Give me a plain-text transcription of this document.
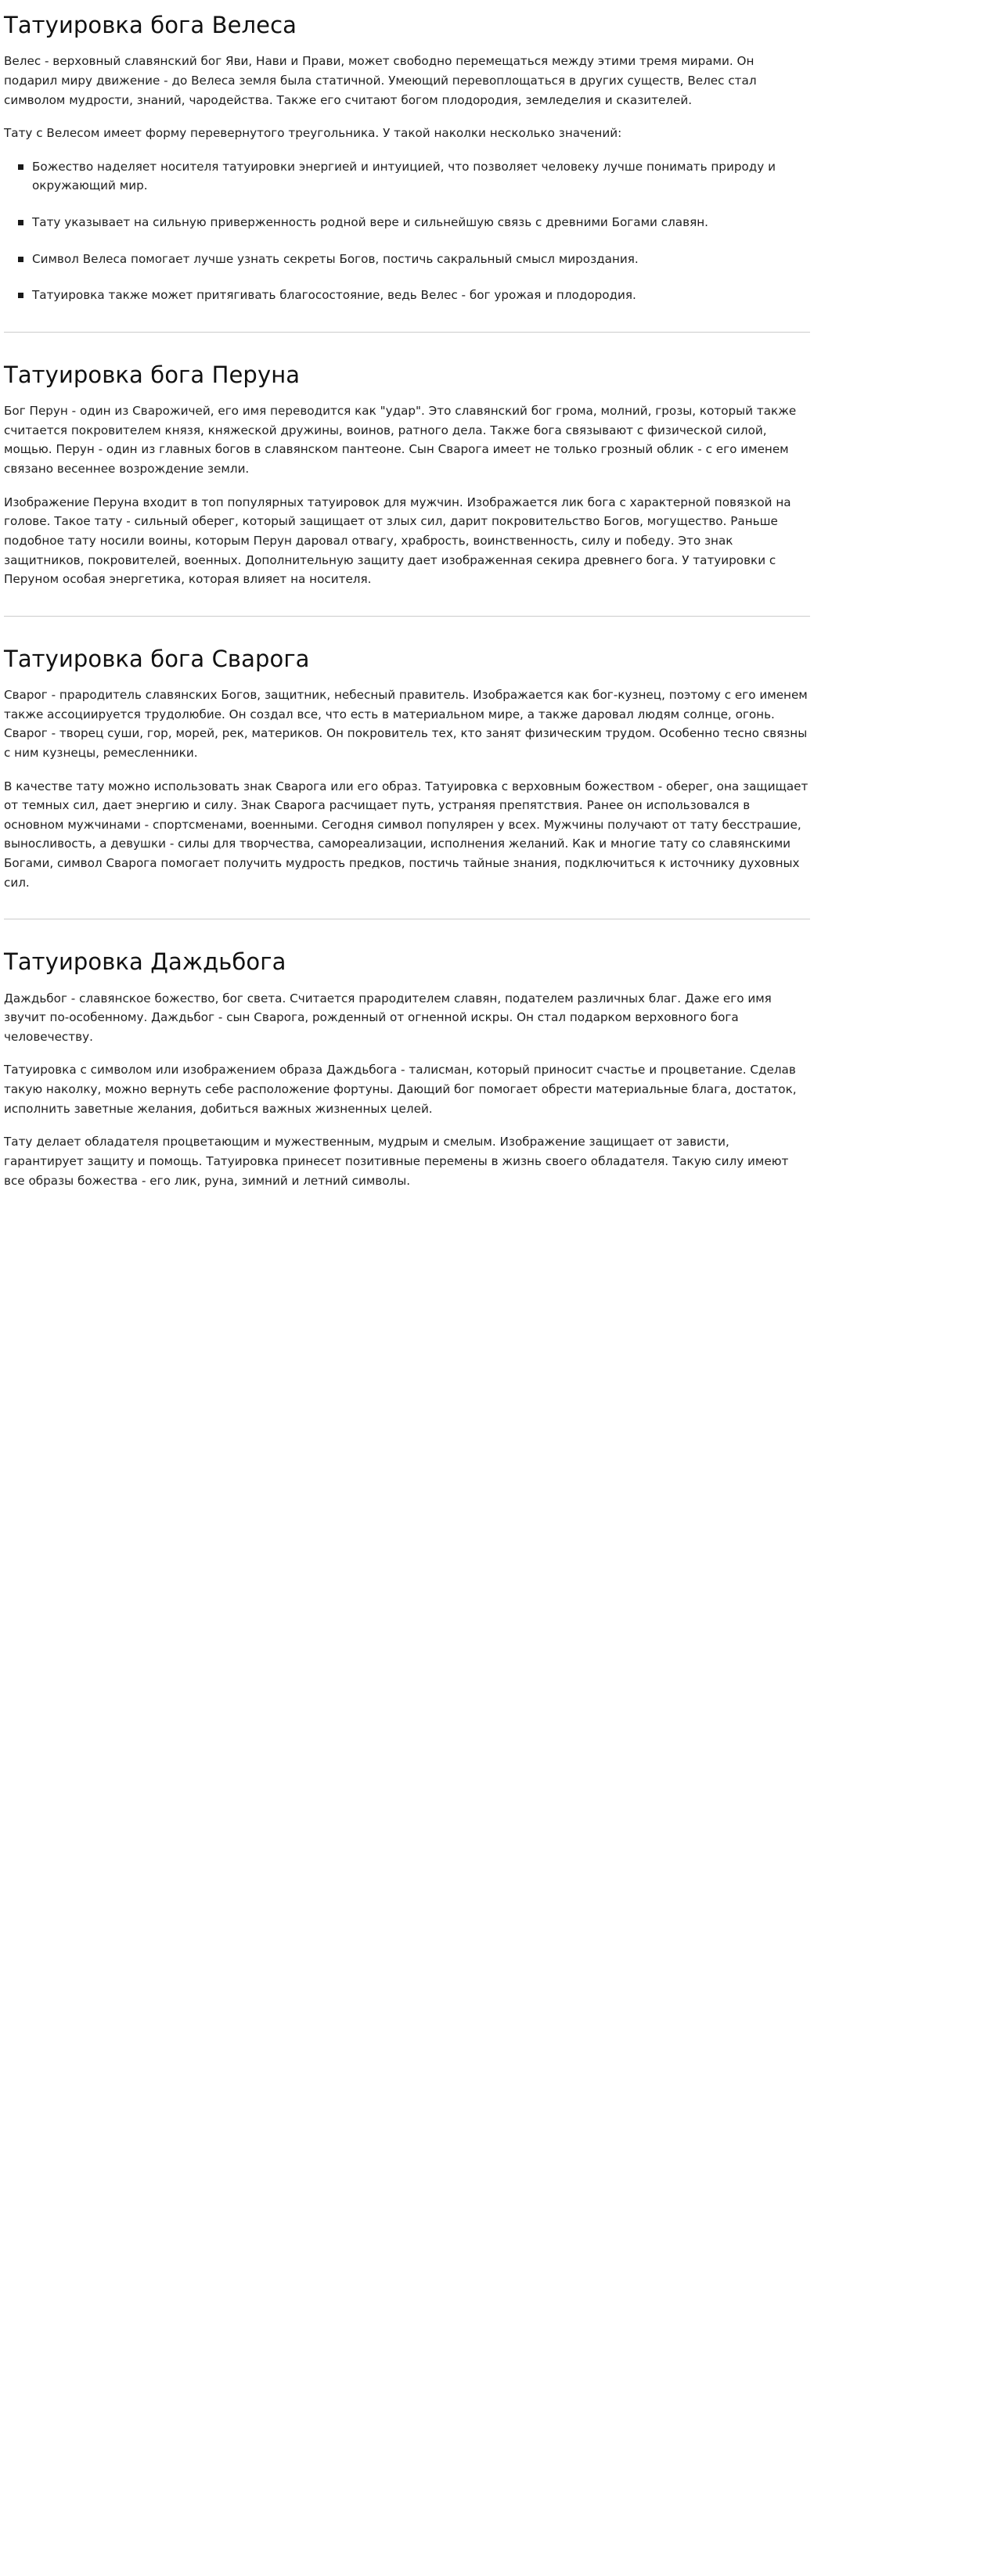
Татуировка бога Велеса

Велес - верховный славянский бог Яви, Нави и Прави, может свободно перемещаться между этими тремя мирами. Он подарил миру движение - до Велеса земля была статичной. Умеющий перевоплощаться в других существ, Велес стал символом мудрости, знаний, чародейства. Также его считают богом плодородия, земледелия и сказителей.

Тату с Велесом имеет форму перевернутого треугольника. У такой наколки несколько значений:

Божество наделяет носителя татуировки энергией и интуицией, что позволяет человеку лучше понимать природу и окружающий мир.
Тату указывает на сильную приверженность родной вере и сильнейшую связь с древними Богами славян.
Символ Велеса помогает лучше узнать секреты Богов, постичь сакральный смысл мироздания.
Татуировка также может притягивать благосостояние, ведь Велес - бог урожая и плодородия.
Татуировка бога Перуна

Бог Перун - один из Сварожичей, его имя переводится как "удар". Это славянский бог грома, молний, грозы, который также считается покровителем князя, княжеской дружины, воинов, ратного дела. Также бога связывают с физической силой, мощью. Перун - один из главных богов в славянском пантеоне. Сын Сварога имеет не только грозный облик - с его именем связано весеннее возрождение земли.

Изображение Перуна входит в топ популярных татуировок для мужчин. Изображается лик бога с характерной повязкой на голове. Такое тату - сильный оберег, который защищает от злых сил, дарит покровительство Богов, могущество. Раньше подобное тату носили воины, которым Перун даровал отвагу, храбрость, воинственность, силу и победу. Это знак защитников, покровителей, военных. Дополнительную защиту дает изображенная секира древнего бога. У татуировки с Перуном особая энергетика, которая влияет на носителя.

Татуировка бога Сварога

Сварог - прародитель славянских Богов, защитник, небесный правитель. Изображается как бог-кузнец, поэтому с его именем также ассоциируется трудолюбие. Он создал все, что есть в материальном мире, а также даровал людям солнце, огонь. Сварог - творец суши, гор, морей, рек, материков. Он покровитель тех, кто занят физическим трудом. Особенно тесно связны с ним кузнецы, ремесленники.

В качестве тату можно использовать знак Сварога или его образ. Татуировка с верховным божеством - оберег, она защищает от темных сил, дает энергию и силу. Знак Сварога расчищает путь, устраняя препятствия. Ранее он использовался в основном мужчинами - спортсменами, военными. Сегодня символ популярен у всех. Мужчины получают от тату бесстрашие, выносливость, а девушки - силы для творчества, самореализации, исполнения желаний. Как и многие тату со славянскими Богами, символ Сварога помогает получить мудрость предков, постичь тайные знания, подключиться к источнику духовных сил.

Татуировка Даждьбога

Даждьбог - славянское божество, бог света. Считается прародителем славян, подателем различных благ. Даже его имя звучит по-особенному. Даждьбог - сын Сварога, рожденный от огненной искры. Он стал подарком верховного бога человечеству.

Татуировка с символом или изображением образа Даждьбога - талисман, который приносит счастье и процветание. Сделав такую наколку, можно вернуть себе расположение фортуны. Дающий бог помогает обрести материальные блага, достаток, исполнить заветные желания, добиться важных жизненных целей.

Тату делает обладателя процветающим и мужественным, мудрым и смелым. Изображение защищает от зависти, гарантирует защиту и помощь. Татуировка принесет позитивные перемены в жизнь своего обладателя. Такую силу имеют все образы божества - его лик, руна, зимний и летний символы.
